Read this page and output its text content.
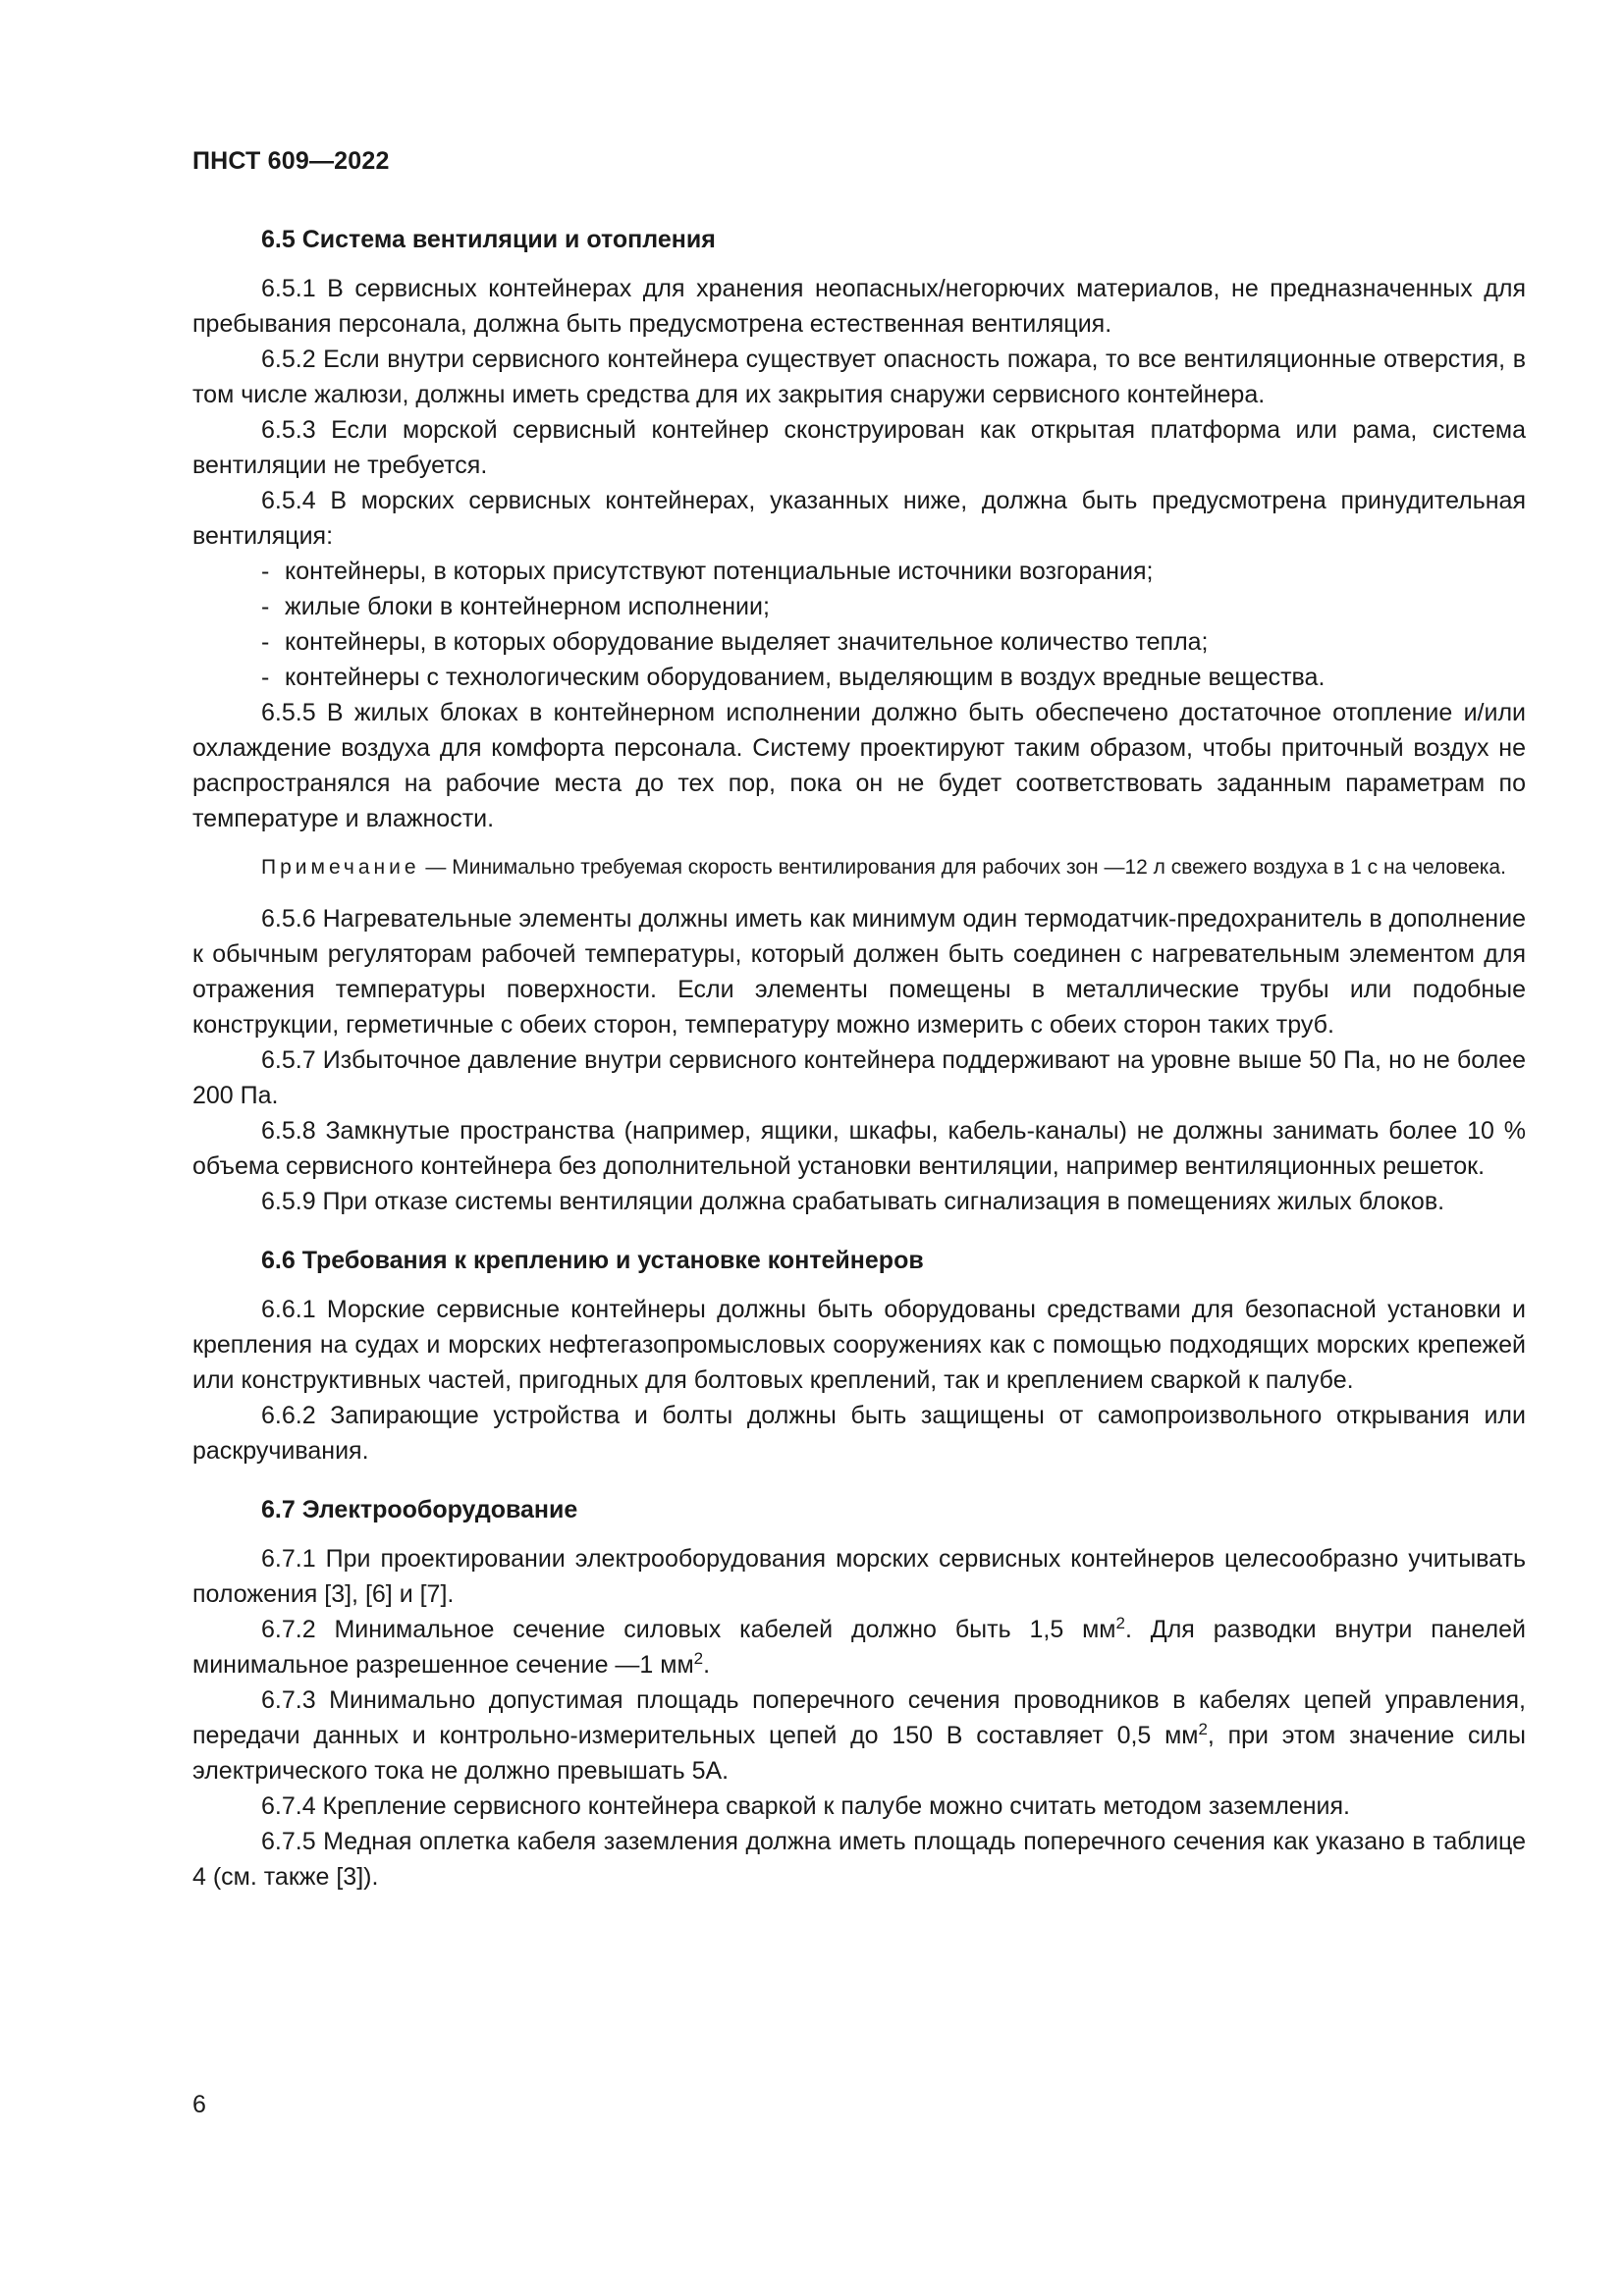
ПНСТ 609—2022
6.5 Система вентиляции и отопления

6.5.1 В сервисных контейнерах для хранения неопасных/негорючих материалов, не предназначенных для пребывания персонала, должна быть предусмотрена естественная вентиляция.

6.5.2 Если внутри сервисного контейнера существует опасность пожара, то все вентиляционные отверстия, в том числе жалюзи, должны иметь средства для их закрытия снаружи сервисного контейнера.

6.5.3 Если морской сервисный контейнер сконструирован как открытая платформа или рама, система вентиляции не требуется.

6.5.4 В морских сервисных контейнерах, указанных ниже, должна быть предусмотрена принудительная вентиляция:

- контейнеры, в которых присутствуют потенциальные источники возгорания;
- жилые блоки в контейнерном исполнении;
- контейнеры, в которых оборудование выделяет значительное количество тепла;
- контейнеры с технологическим оборудованием, выделяющим в воздух вредные вещества.

6.5.5 В жилых блоках в контейнерном исполнении должно быть обеспечено достаточное отопление и/или охлаждение воздуха для комфорта персонала. Систему проектируют таким образом, чтобы приточный воздух не распространялся на рабочие места до тех пор, пока он не будет соответствовать заданным параметрам по температуре и влажности.

Примечание — Минимально требуемая скорость вентилирования для рабочих зон —12 л свежего воздуха в 1 с на человека.

6.5.6 Нагревательные элементы должны иметь как минимум один термодатчик-предохранитель в дополнение к обычным регуляторам рабочей температуры, который должен быть соединен с нагревательным элементом для отражения температуры поверхности. Если элементы помещены в металлические трубы или подобные конструкции, герметичные с обеих сторон, температуру можно измерить с обеих сторон таких труб.

6.5.7 Избыточное давление внутри сервисного контейнера поддерживают на уровне выше 50 Па, но не более 200 Па.

6.5.8 Замкнутые пространства (например, ящики, шкафы, кабель-каналы) не должны занимать более 10 % объема сервисного контейнера без дополнительной установки вентиляции, например вентиляционных решеток.

6.5.9 При отказе системы вентиляции должна срабатывать сигнализация в помещениях жилых блоков.

6.6 Требования к креплению и установке контейнеров

6.6.1 Морские сервисные контейнеры должны быть оборудованы средствами для безопасной установки и крепления на судах и морских нефтегазопромысловых сооружениях как с помощью подходящих морских крепежей или конструктивных частей, пригодных для болтовых креплений, так и креплением сваркой к палубе.

6.6.2 Запирающие устройства и болты должны быть защищены от самопроизвольного открывания или раскручивания.

6.7 Электрооборудование

6.7.1 При проектировании электрооборудования морских сервисных контейнеров целесообразно учитывать положения [3], [6] и [7].

6.7.2 Минимальное сечение силовых кабелей должно быть 1,5 $мм^2$. Для разводки внутри панелей минимальное разрешенное сечение —1 $мм^2$.

6.7.3 Минимально допустимая площадь поперечного сечения проводников в кабелях цепей управления, передачи данных и контрольно-измерительных цепей до 150 В составляет 0,5 $мм^2$, при этом значение силы электрического тока не должно превышать 5А.

6.7.4 Крепление сервисного контейнера сваркой к палубе можно считать методом заземления.

6.7.5 Медная оплетка кабеля заземления должна иметь площадь поперечного сечения как указано в таблице 4 (см. также [3]).

6
